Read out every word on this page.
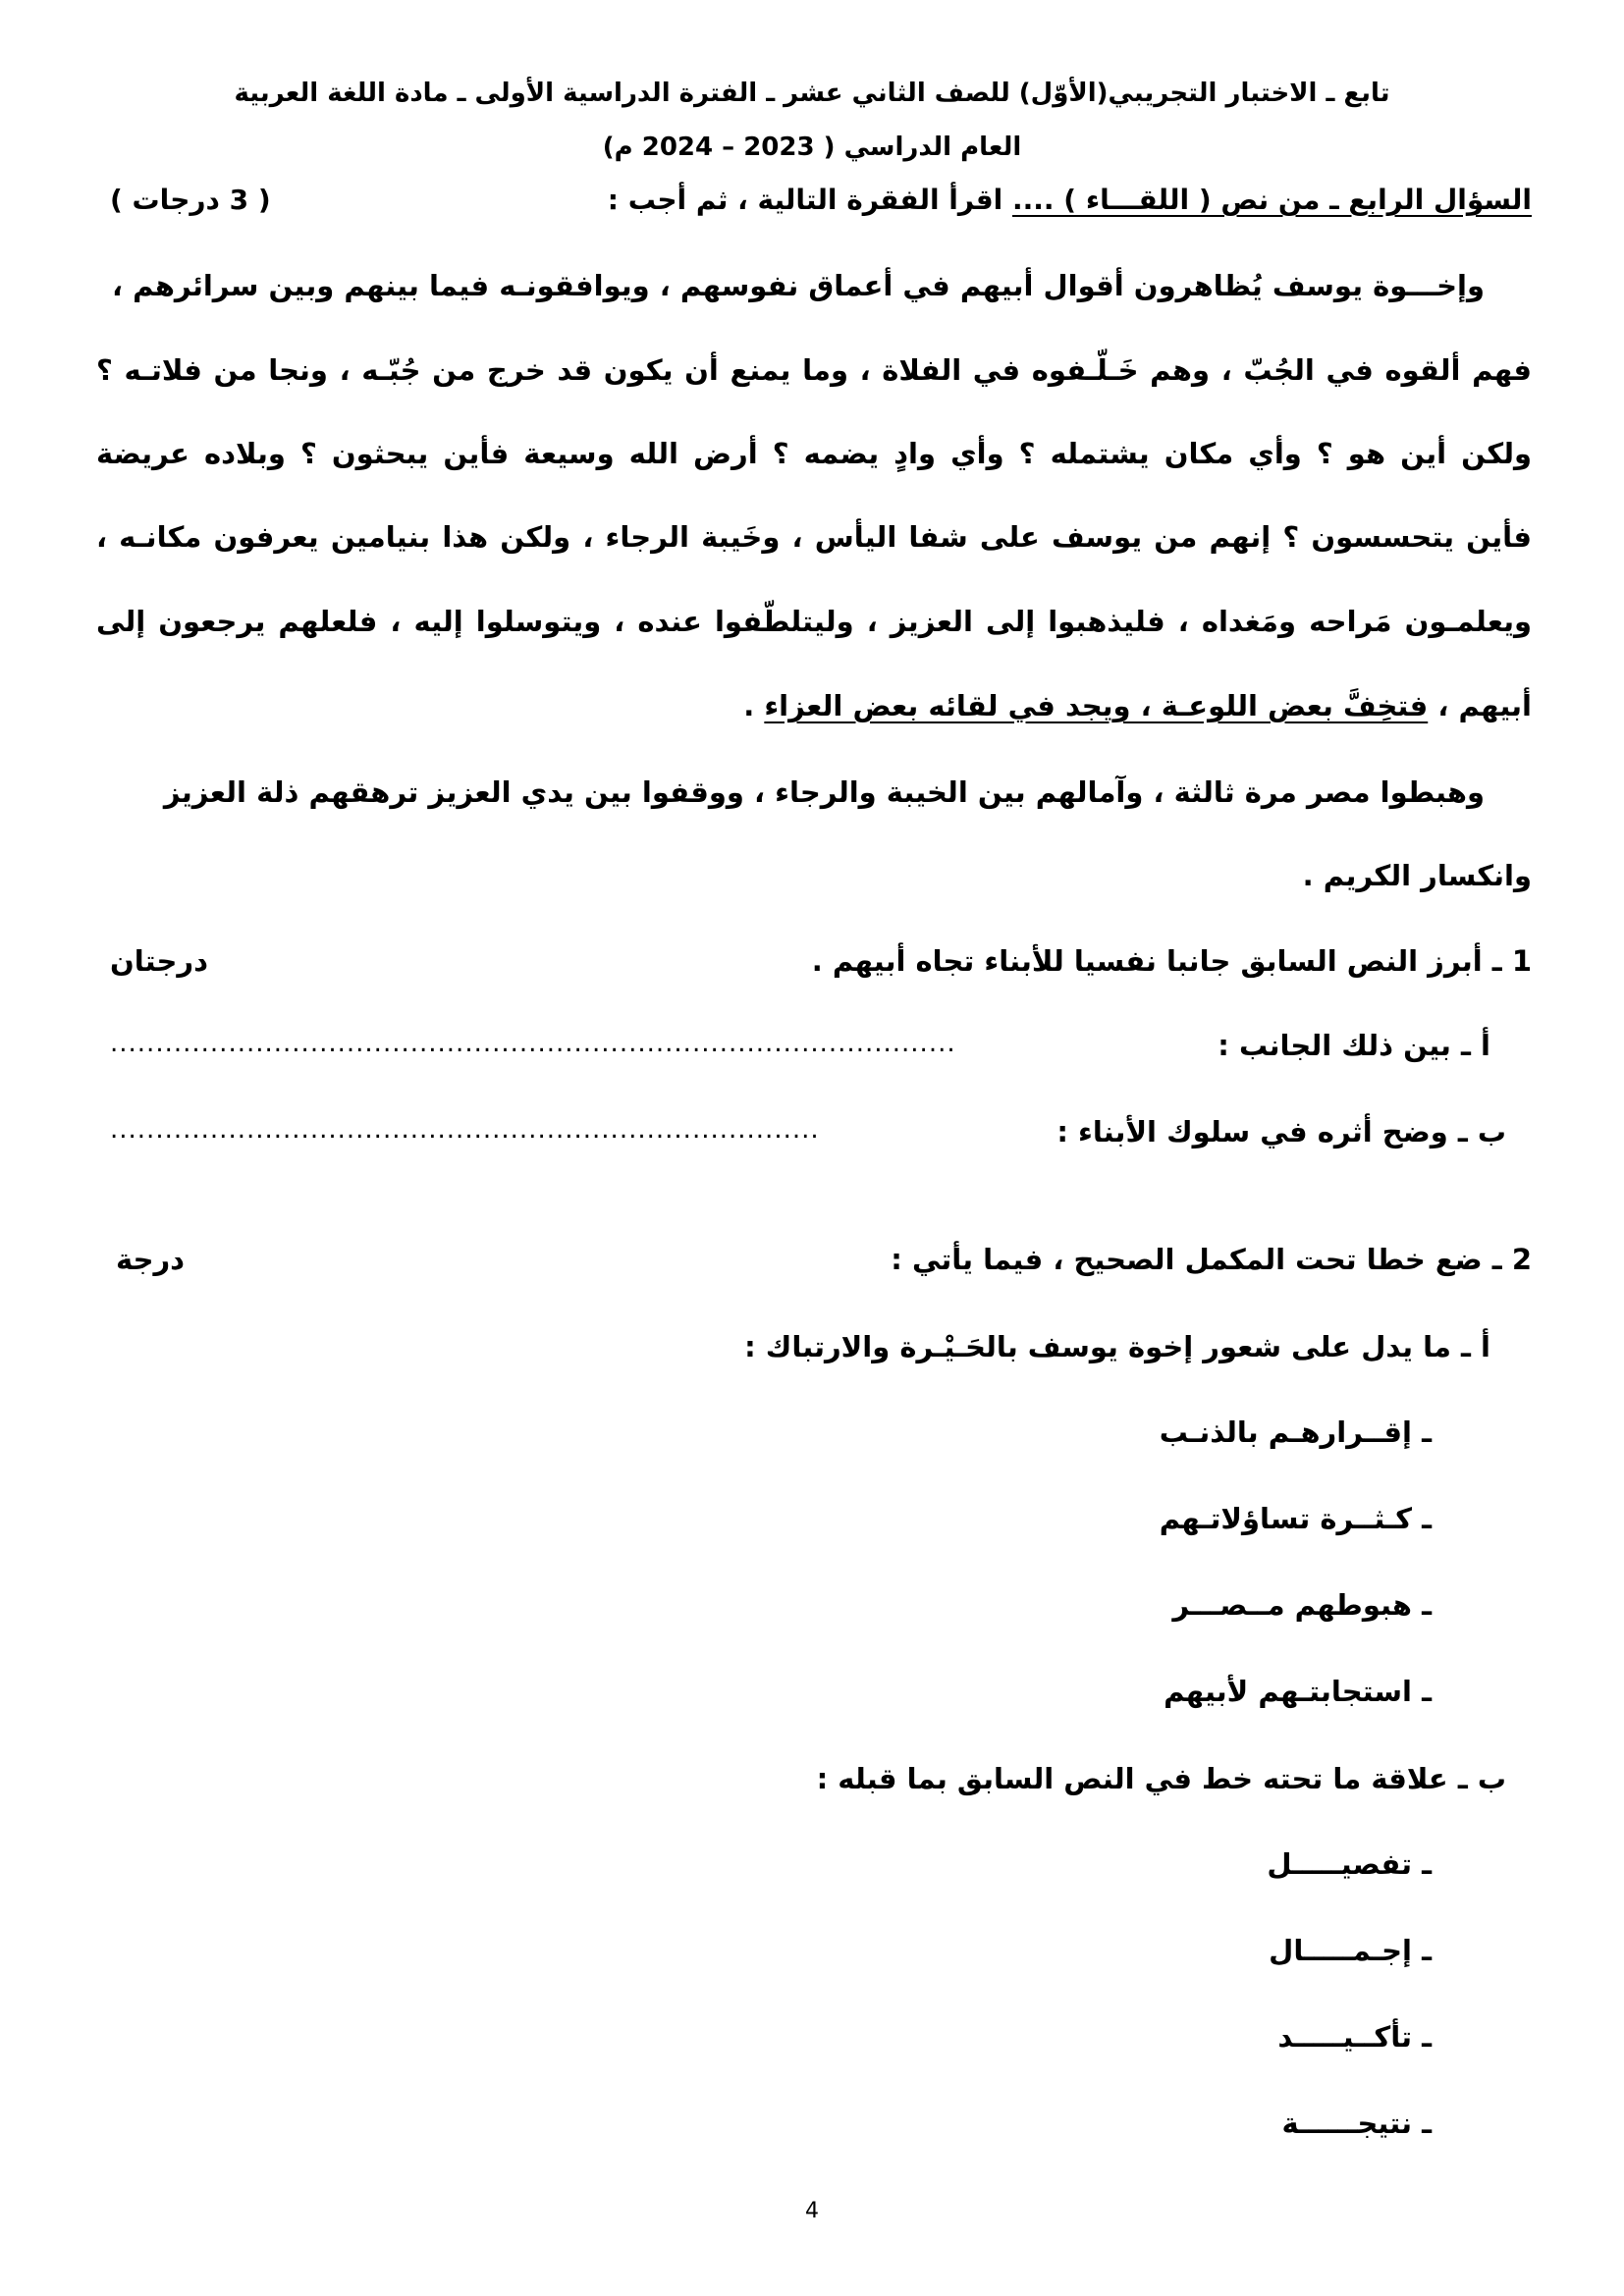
تابع ـ الاختبار التجريبي(الأوّل) للصف الثاني عشر ـ الفترة الدراسية الأولى ـ مادة اللغة العربية
العام الدراسي ( 2023 – 2024 م)
السؤال الرابع ـ من نص ( اللقـــاء ) .... اقرأ الفقرة التالية ، ثم أجب :
( 3 درجات )
وإخـــوة يوسف يُظاهرون أقوال أبيهم في أعماق نفوسهم ، ويوافقونـه فيما بينهم وبين سرائرهم ،
فهم ألقوه في الجُبّ ، وهم خَـلّـفوه في الفلاة ، وما يمنع أن يكون قد خرج من جُبّـه ، ونجا من فلاتـه ؟
ولكن أين هو ؟ وأي مكان يشتمله ؟ وأي وادٍ يضمه ؟ أرض الله وسيعة فأين يبحثون ؟ وبلاده عريضة
فأين يتحسسون ؟ إنهم من يوسف على شفا اليأس ، وخَيبة الرجاء ، ولكن هذا بنيامين يعرفون مكانـه ،
ويعلمـون مَراحه ومَغداه ، فليذهبوا إلى العزيز ، وليتلطّفوا عنده ، ويتوسلوا إليه ، فلعلهم يرجعون إلى
أبيهم ، فتخِفَّ بعض اللوعـة ، ويجد في لقائه بعض العزاء .
وهبطوا مصر مرة ثالثة ، وآمالهم بين الخيبة والرجاء ، ووقفوا بين يدي العزيز ترهقهم ذلة العزيز
وانكسار الكريم .
1 ـ أبرز النص السابق جانبا نفسيا للأبناء تجاه أبيهم .
درجتان
أ ـ بين ذلك الجانب :
.............................................................................................
ب ـ وضح أثره في سلوك الأبناء :
..............................................................................
2 ـ ضع خطا تحت المكمل الصحيح ، فيما يأتي :
درجة
أ ـ ما يدل على شعور إخوة يوسف بالحَـيْـرة والارتباك :
ـ إقــرارهـم بالذنـب
ـ كـثــرة تساؤلاتـهم
ـ هبوطهم مــصـــر
ـ استجابتـهم لأبيهم
ب ـ علاقة ما تحته خط في النص السابق بما قبله :
ـ تفصيـــــل
ـ إجـمـــــال
ـ تأكــيـــــد
ـ نتيجــــــة
4
